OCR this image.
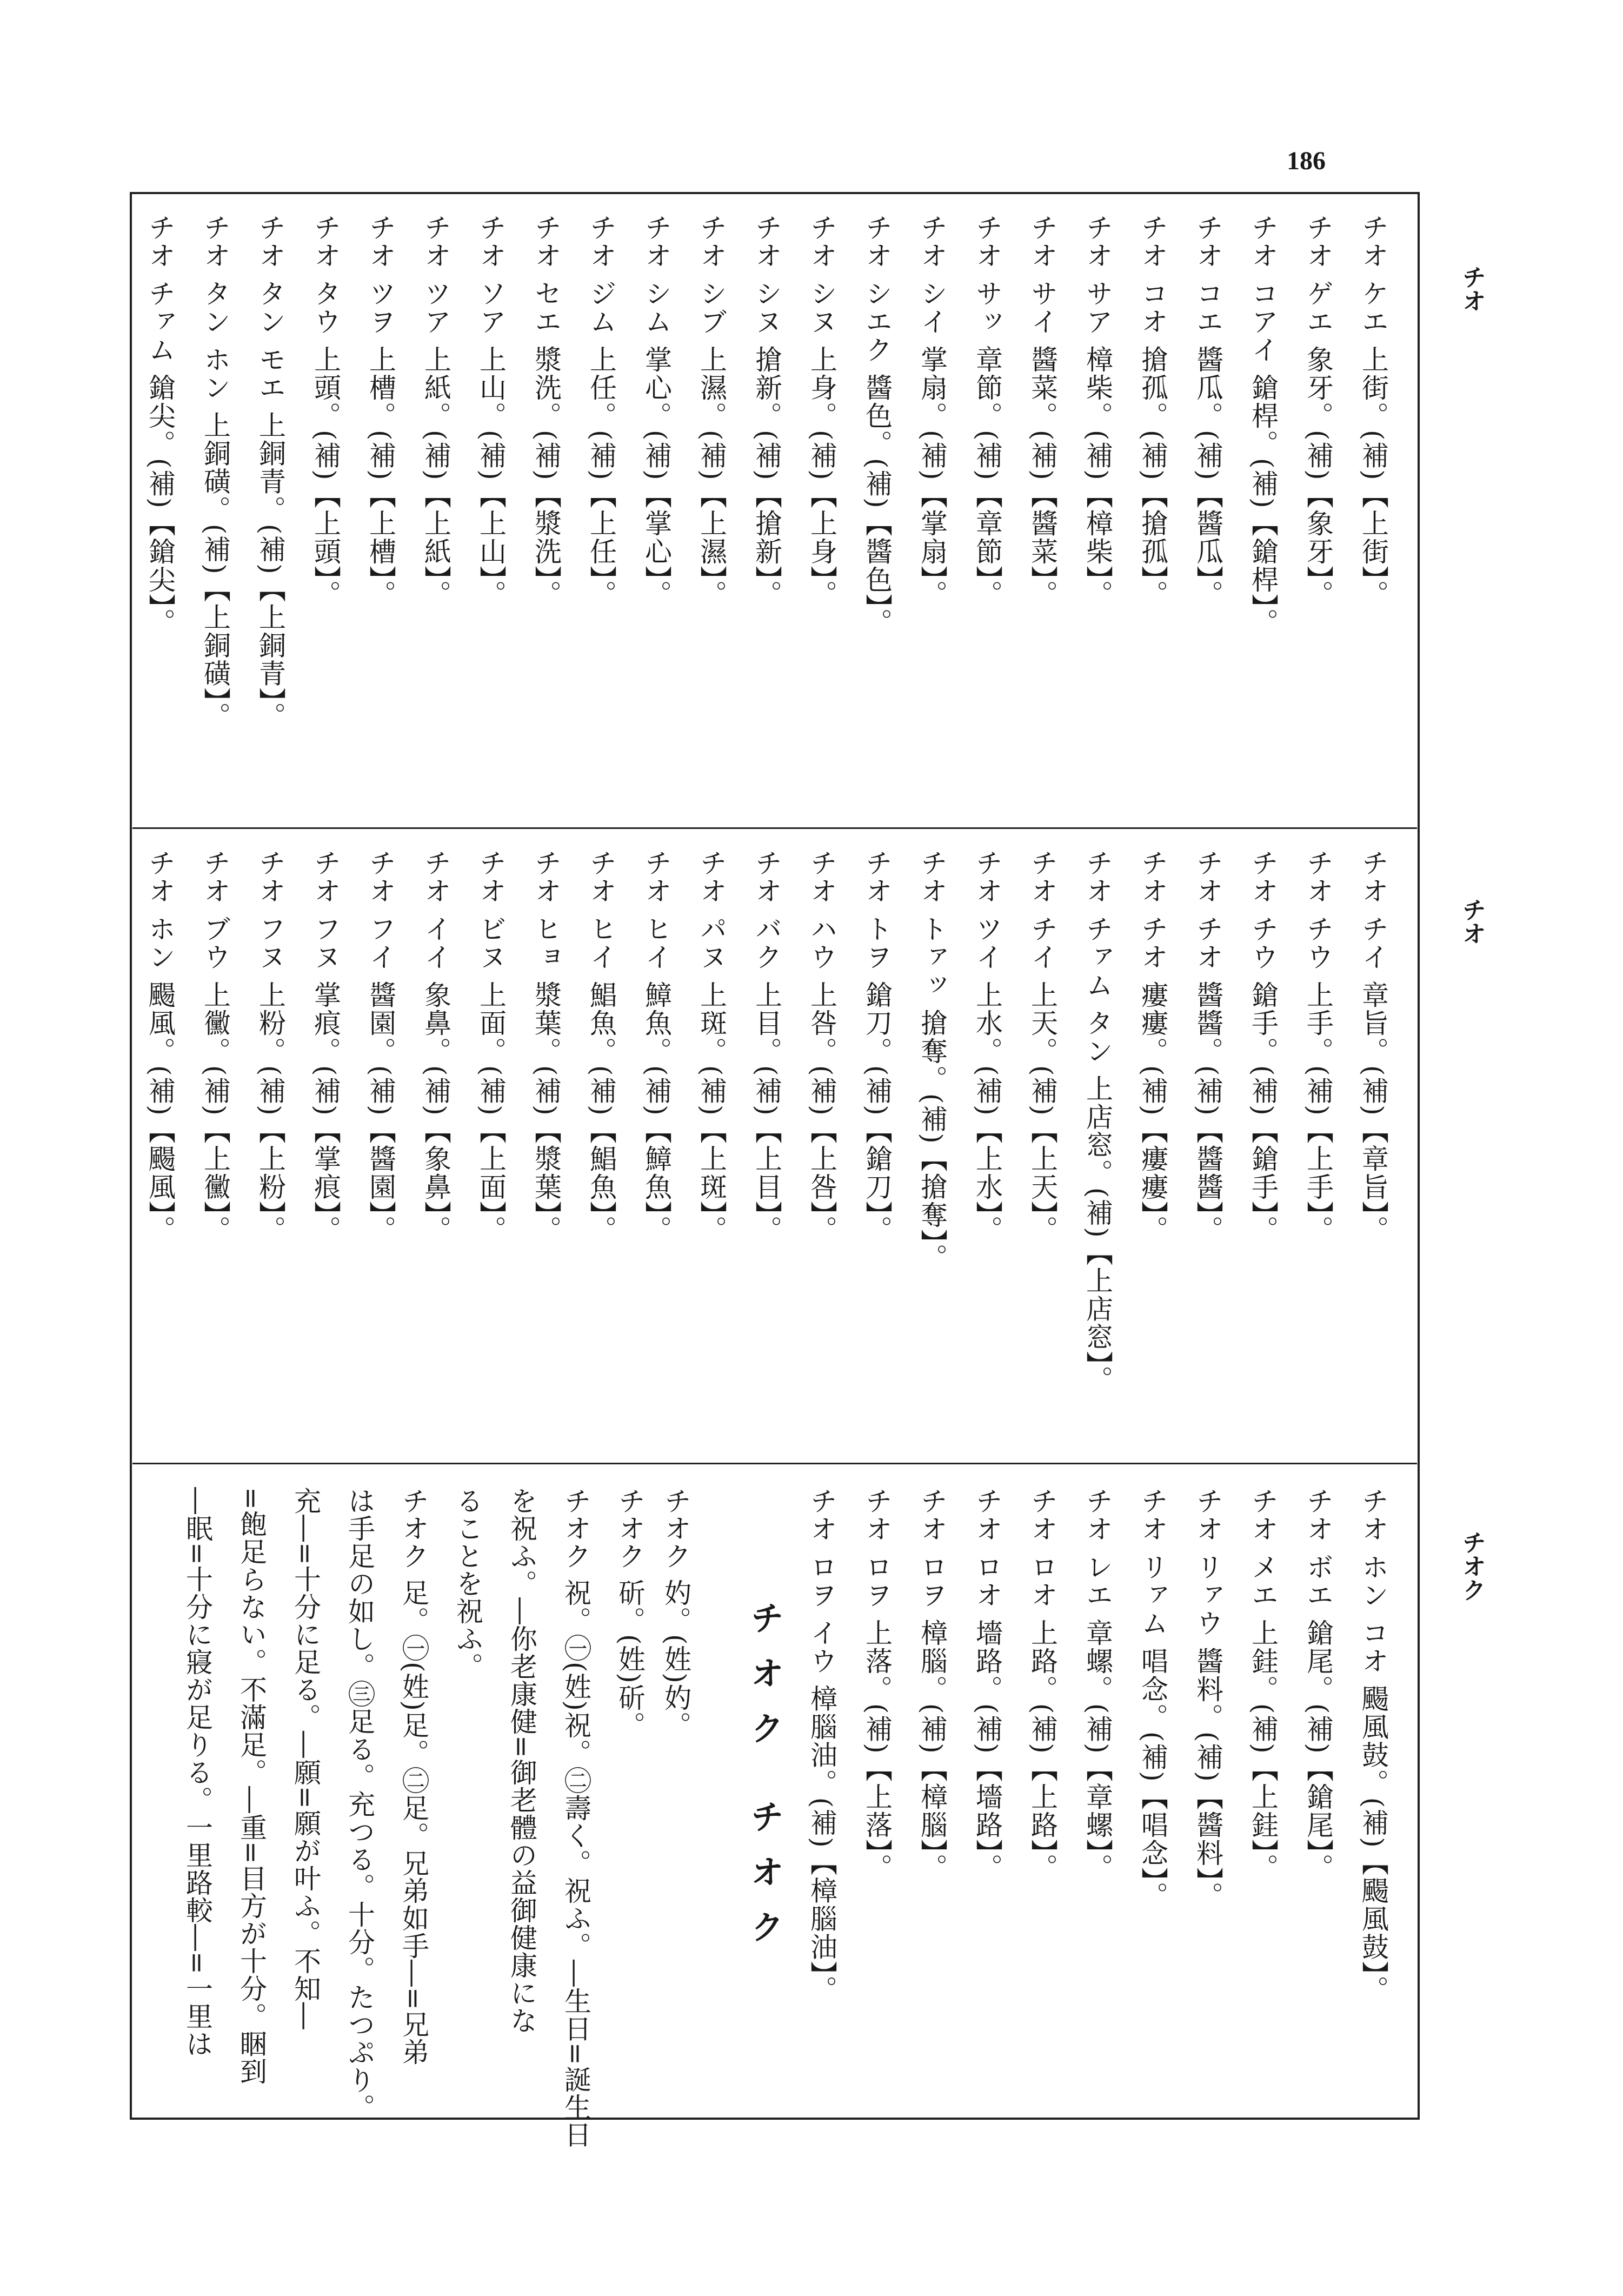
186
チオ
チオ
チオク
チオ ケエ 上街。(補)【上街】。
チオ ゲエ 象牙。(補)【象牙】。
チオ コアイ 鎗桿。(補)【鎗桿】。
チオ コエ 醬瓜。(補)【醬瓜】。
チオ コオ 搶孤。(補)【搶孤】。
チオ サア 樟柴。(補)【樟柴】。
チオ サイ 醬菜。(補)【醬菜】。
チオ サッ 章節。(補)【章節】。
チオ シイ 掌扇。(補)【掌扇】。
チオ シエク 醬色。(補)【醬色】。
チオ シヌ 上身。(補)【上身】。
チオ シヌ 搶新。(補)【搶新】。
チオ シブ 上濕。(補)【上濕】。
チオ シム 掌心。(補)【掌心】。
チオ ジム 上任。(補)【上任】。
チオ セエ 漿洗。(補)【漿洗】。
チオ ソア 上山。(補)【上山】。
チオ ツア 上紙。(補)【上紙】。
チオ ツヲ 上槽。(補)【上槽】。
チオ タウ 上頭。(補)【上頭】。
チオ タン モエ 上銅青。(補)【上銅青】。
チオ タン ホン 上銅磺。(補)【上銅磺】。
チオ チァム 鎗尖。(補)【鎗尖】。
チオ チイ 章旨。(補)【章旨】。
チオ チウ 上手。(補)【上手】。
チオ チウ 鎗手。(補)【鎗手】。
チオ チオ 醬醬。(補)【醬醬】。
チオ チオ 瘻瘻。(補)【瘻瘻】。
チオ チァム タン 上店窓。(補)【上店窓】。
チオ チイ 上天。(補)【上天】。
チオ ツイ 上水。(補)【上水】。
チオ トァッ 搶奪。(補)【搶奪】。
チオ トヲ 鎗刀。(補)【鎗刀】。
チオ ハウ 上咎。(補)【上咎】。
チオ バク 上目。(補)【上目】。
チオ パヌ 上斑。(補)【上斑】。
チオ ヒイ 鱆魚。(補)【鱆魚】。
チオ ヒイ 鯧魚。(補)【鯧魚】。
チオ ヒョ 漿葉。(補)【漿葉】。
チオ ビヌ 上面。(補)【上面】。
チオ イイ 象鼻。(補)【象鼻】。
チオ フイ 醬園。(補)【醬園】。
チオ フヌ 掌痕。(補)【掌痕】。
チオ フヌ 上粉。(補)【上粉】。
チオ ブウ 上黴。(補)【上黴】。
チオ ホン 颺風。(補)【颺風】。
チオ ホン コオ 颺風鼓。(補)【颺風鼓】。
チオ ボエ 鎗尾。(補)【鎗尾】。
チオ メエ 上銈。(補)【上銈】。
チオ リァウ 醬料。(補)【醬料】。
チオ リァム 唱念。(補)【唱念】。
チオ レエ 章螺。(補)【章螺】。
チオ ロオ 上路。(補)【上路】。
チオ ロオ 墻路。(補)【墻路】。
チオ ロヲ 樟腦。(補)【樟腦】。
チオ ロヲ 上落。(補)【上落】。
チオ ロヲ イウ 樟腦油。(補)【樟腦油】。
チオク チオク
チオク 妁。(姓)妁。
チオク 斫。(姓)斫。
チオク 祝。㊀(姓)祝。㊁壽く。祝ふ。―生日=誕生日
を祝ふ。―你老康健=御老體の益御健康にな
ることを祝ふ。
チオク 足。㊀(姓)足。㊁足。兄弟如手―=兄弟
は手足の如し。㊂足る。充つる。十分。たつぷり。
充―=十分に足る。―願=願が叶ふ。不知―
=飽足らない。不滿足。―重=目方が十分。睏到
―眠=十分に寢が足りる。一里路較―=一里は
